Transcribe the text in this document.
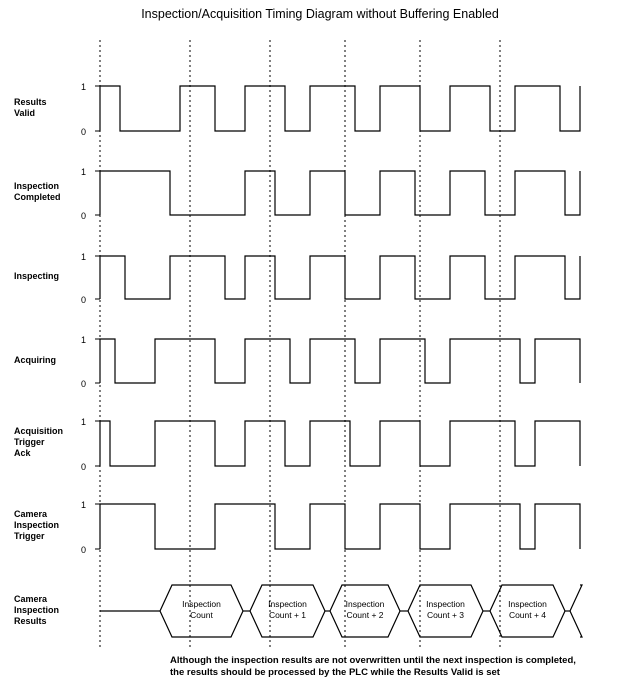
Inspection/Acquisition Timing Diagram without Buffering Enabled
1
0
1
0
1
0
1
0
1
0
1
0
Inspection
Count
Inspection
Count + 1
Inspection
Count + 2
Inspection
Count + 3
Inspection
Count + 4
Although the inspection results are not overwritten until the next inspection is completed,
the results should be processed by the PLC while the Results Valid is set
Results
Valid
Inspection
Completed
Inspecting
Acquiring
Acquisition
Trigger
Ack
Camera
Inspection
Trigger
Camera
Inspection
Results
